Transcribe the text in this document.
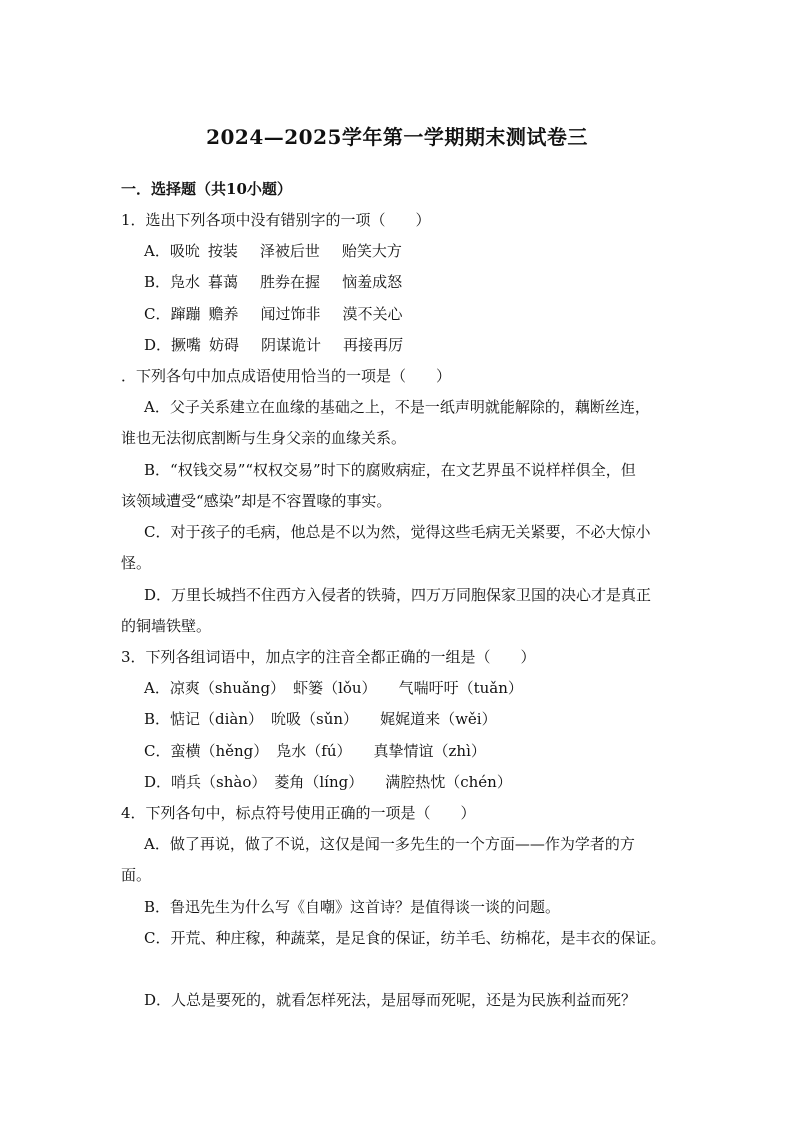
2024—2025学年第一学期期末测试卷三
一．选择题（共10小题）
1．选出下列各项中没有错别字的一项（　　）
A．吸吮 按装 泽被后世 贻笑大方
B．凫水 暮蔼 胜券在握 恼羞成怒
C．蹿蹦 赡养 闻过饰非 漠不关心
D．撅嘴 妨碍 阴谋诡计 再接再厉
．下列各句中加点成语使用恰当的一项是（　　）
A．父子关系建立在血缘的基础之上，不是一纸声明就能解除的，藕断丝连，
谁也无法彻底割断与生身父亲的血缘关系。
B．“权钱交易”“权权交易”时下的腐败病症，在文艺界虽不说样样俱全，但
该领域遭受“感染”却是不容置喙的事实。
C．对于孩子的毛病，他总是不以为然，觉得这些毛病无关紧要，不必大惊小
怪。
D．万里长城挡不住西方入侵者的铁骑，四万万同胞保家卫国的决心才是真正
的铜墙铁壁。
3．下列各组词语中，加点字的注音全都正确的一组是（　　）
A．凉爽（shuǎng） 虾篓（lǒu） 气喘吁吁（tuǎn）
B．惦记（diàn） 吮吸（sǔn） 娓娓道来（wěi）
C．蛮横（hěng） 凫水（fú） 真挚情谊（zhì）
D．哨兵（shào） 菱角（líng） 满腔热忱（chén）
4．下列各句中，标点符号使用正确的一项是（　　）
A．做了再说，做了不说，这仅是闻一多先生的一个方面——作为学者的方
面。
B．鲁迅先生为什么写《自嘲》这首诗？是值得谈一谈的问题。
C．开荒、种庄稼，种蔬菜，是足食的保证，纺羊毛、纺棉花，是丰衣的保证。
D．人总是要死的，就看怎样死法，是屈辱而死呢，还是为民族利益而死？
